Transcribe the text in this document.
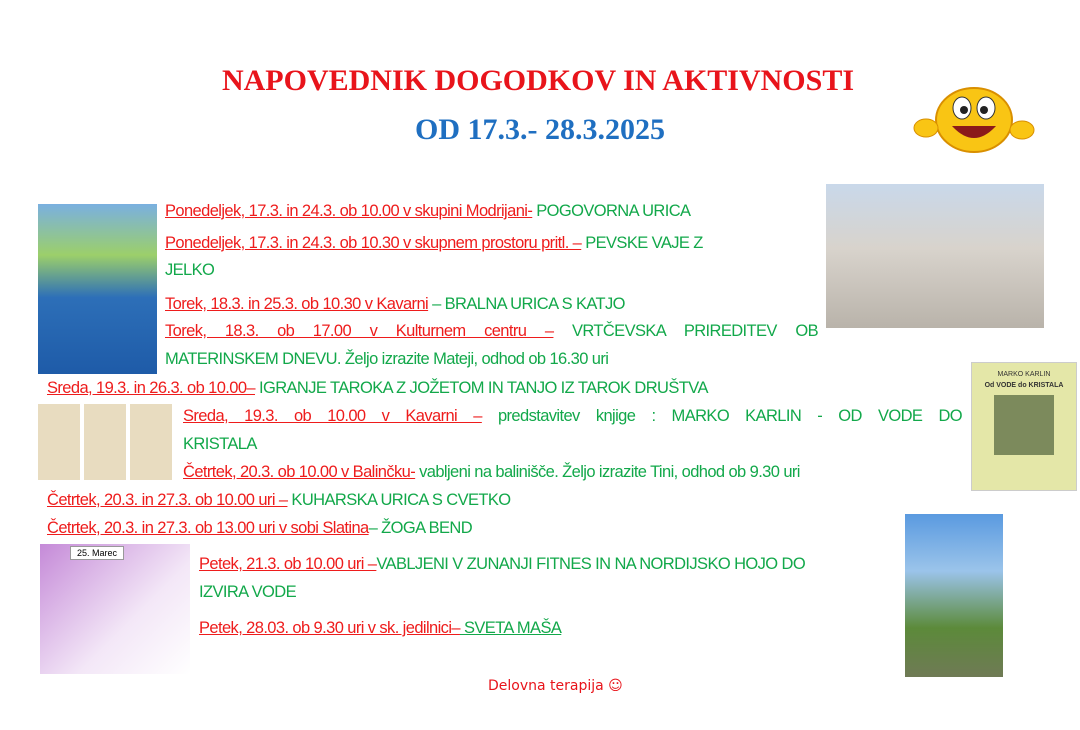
NAPOVEDNIK DOGODKOV IN AKTIVNOSTI
OD 17.3.- 28.3.2025
MARKO KARLIN
Od VODE do KRISTALA
25. Marec
Ponedeljek, 17.3. in 24.3. ob 10.00 v skupini Modrijani- POGOVORNA URICA
Ponedeljek, 17.3. in 24.3. ob 10.30 v skupnem prostoru pritl. – PEVSKE VAJE Z
JELKO
Torek, 18.3. in 25.3. ob 10.30 v Kavarni – BRALNA URICA S KATJO
Torek, 18.3. ob 17.00 v Kulturnem centru – VRTČEVSKA PRIREDITEV OB
MATERINSKEM DNEVU. Željo izrazite Mateji, odhod ob 16.30 uri
Sreda, 19.3. in 26.3. ob 10.00– IGRANJE TAROKA Z JOŽETOM IN TANJO IZ TAROK DRUŠTVA
Sreda, 19.3. ob 10.00 v Kavarni – predstavitev knjige : MARKO KARLIN - OD VODE DO
KRISTALA
Četrtek, 20.3. ob 10.00 v Balinčku- vabljeni na balinišče. Željo izrazite Tini, odhod ob 9.30 uri
Četrtek, 20.3. in 27.3. ob 10.00 uri – KUHARSKA URICA S CVETKO
Četrtek, 20.3. in 27.3. ob 13.00 uri v sobi Slatina– ŽOGA BEND
Petek, 21.3. ob 10.00 uri –VABLJENI V ZUNANJI FITNES IN NA NORDIJSKO HOJO DO
IZVIRA VODE
Petek, 28.03. ob 9.30 uri v sk. jedilnici– SVETA MAŠA
Delovna terapija ☺
